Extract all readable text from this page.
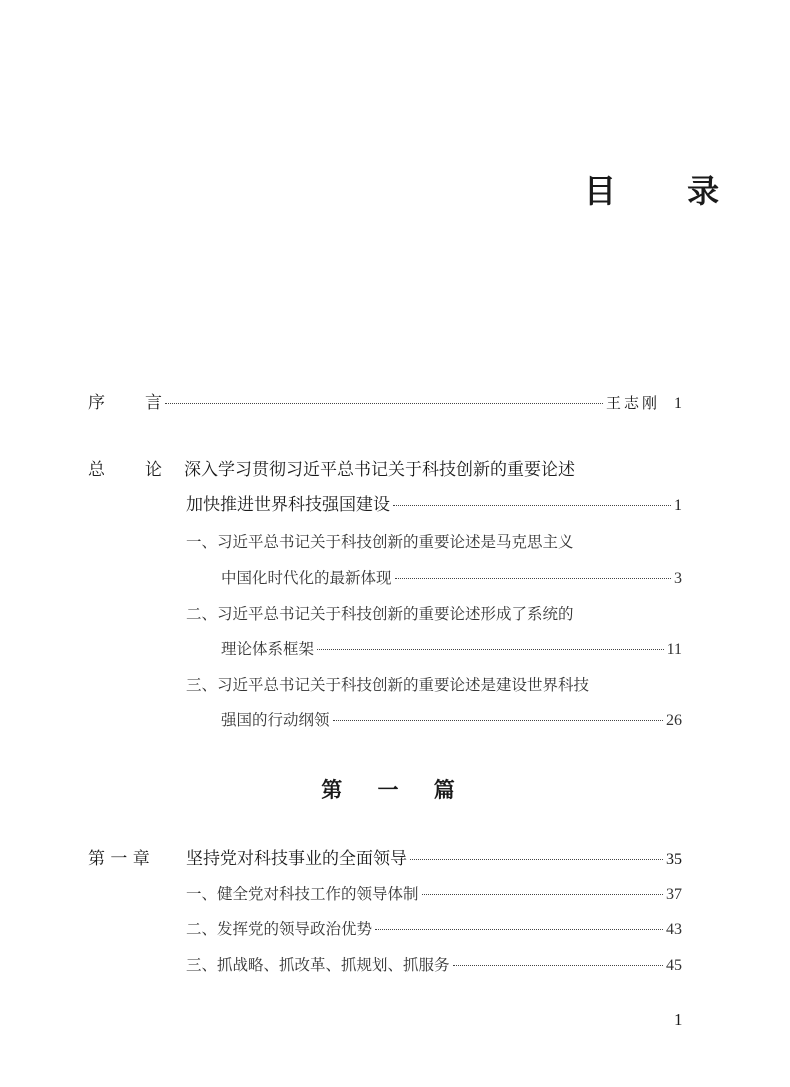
目 录
序 言	王志刚 1
总 论 深入学习贯彻习近平总书记关于科技创新的重要论述
加快推进世界科技强国建设	1
一、习近平总书记关于科技创新的重要论述是马克思主义
中国化时代化的最新体现	3
二、习近平总书记关于科技创新的重要论述形成了系统的
理论体系框架	11
三、习近平总书记关于科技创新的重要论述是建设世界科技
强国的行动纲领	26
第 一 篇
第 一 章	坚持党对科技事业的全面领导	35
一、健全党对科技工作的领导体制	37
二、发挥党的领导政治优势	43
三、抓战略、抓改革、抓规划、抓服务	45
1
